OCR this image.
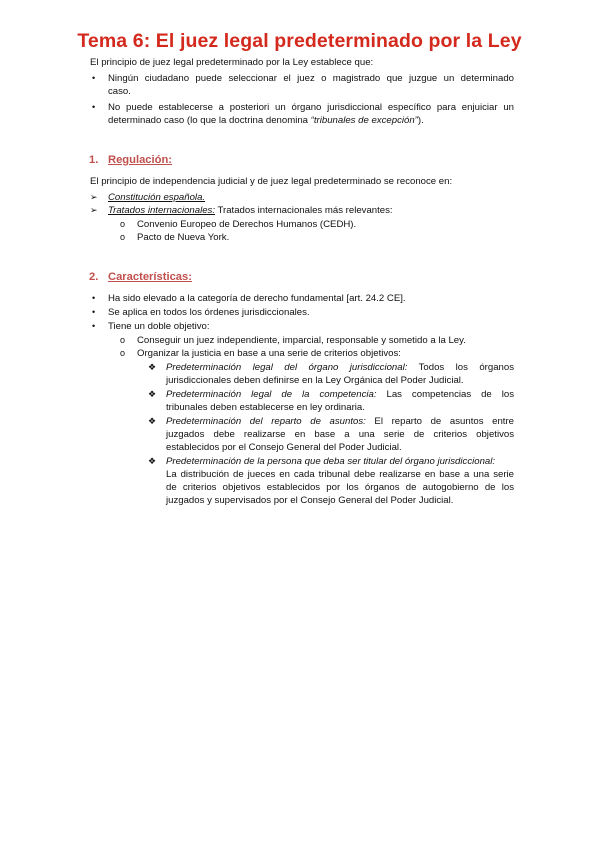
Tema 6: El juez legal predeterminado por la Ley
El principio de juez legal predeterminado por la Ley establece que:
• Ningún ciudadano puede seleccionar el juez o magistrado que juzgue un determinado
caso.
• No puede establecerse a posteriori un órgano jurisdiccional específico para enjuiciar un
determinado caso (lo que la doctrina denomina “tribunales de excepción”).
1. Regulación:
El principio de independencia judicial y de juez legal predeterminado se reconoce en:
➢ Constitución española.
➢ Tratados internacionales: Tratados internacionales más relevantes:
o Convenio Europeo de Derechos Humanos (CEDH).
o Pacto de Nueva York.
2. Características:
• Ha sido elevado a la categoría de derecho fundamental [art. 24.2 CE].
• Se aplica en todos los órdenes jurisdiccionales.
• Tiene un doble objetivo:
o Conseguir un juez independiente, imparcial, responsable y sometido a la Ley.
o Organizar la justicia en base a una serie de criterios objetivos:
❖ Predeterminación legal del órgano jurisdiccional: Todos los órganos
jurisdiccionales deben definirse en la Ley Orgánica del Poder Judicial.
❖ Predeterminación legal de la competencia: Las competencias de los
tribunales deben establecerse en ley ordinaria.
❖ Predeterminación del reparto de asuntos: El reparto de asuntos entre
juzgados debe realizarse en base a una serie de criterios objetivos
establecidos por el Consejo General del Poder Judicial.
❖ Predeterminación de la persona que deba ser titular del órgano jurisdiccional:
La distribución de jueces en cada tribunal debe realizarse en base a una serie
de criterios objetivos establecidos por los órganos de autogobierno de los
juzgados y supervisados por el Consejo General del Poder Judicial.
